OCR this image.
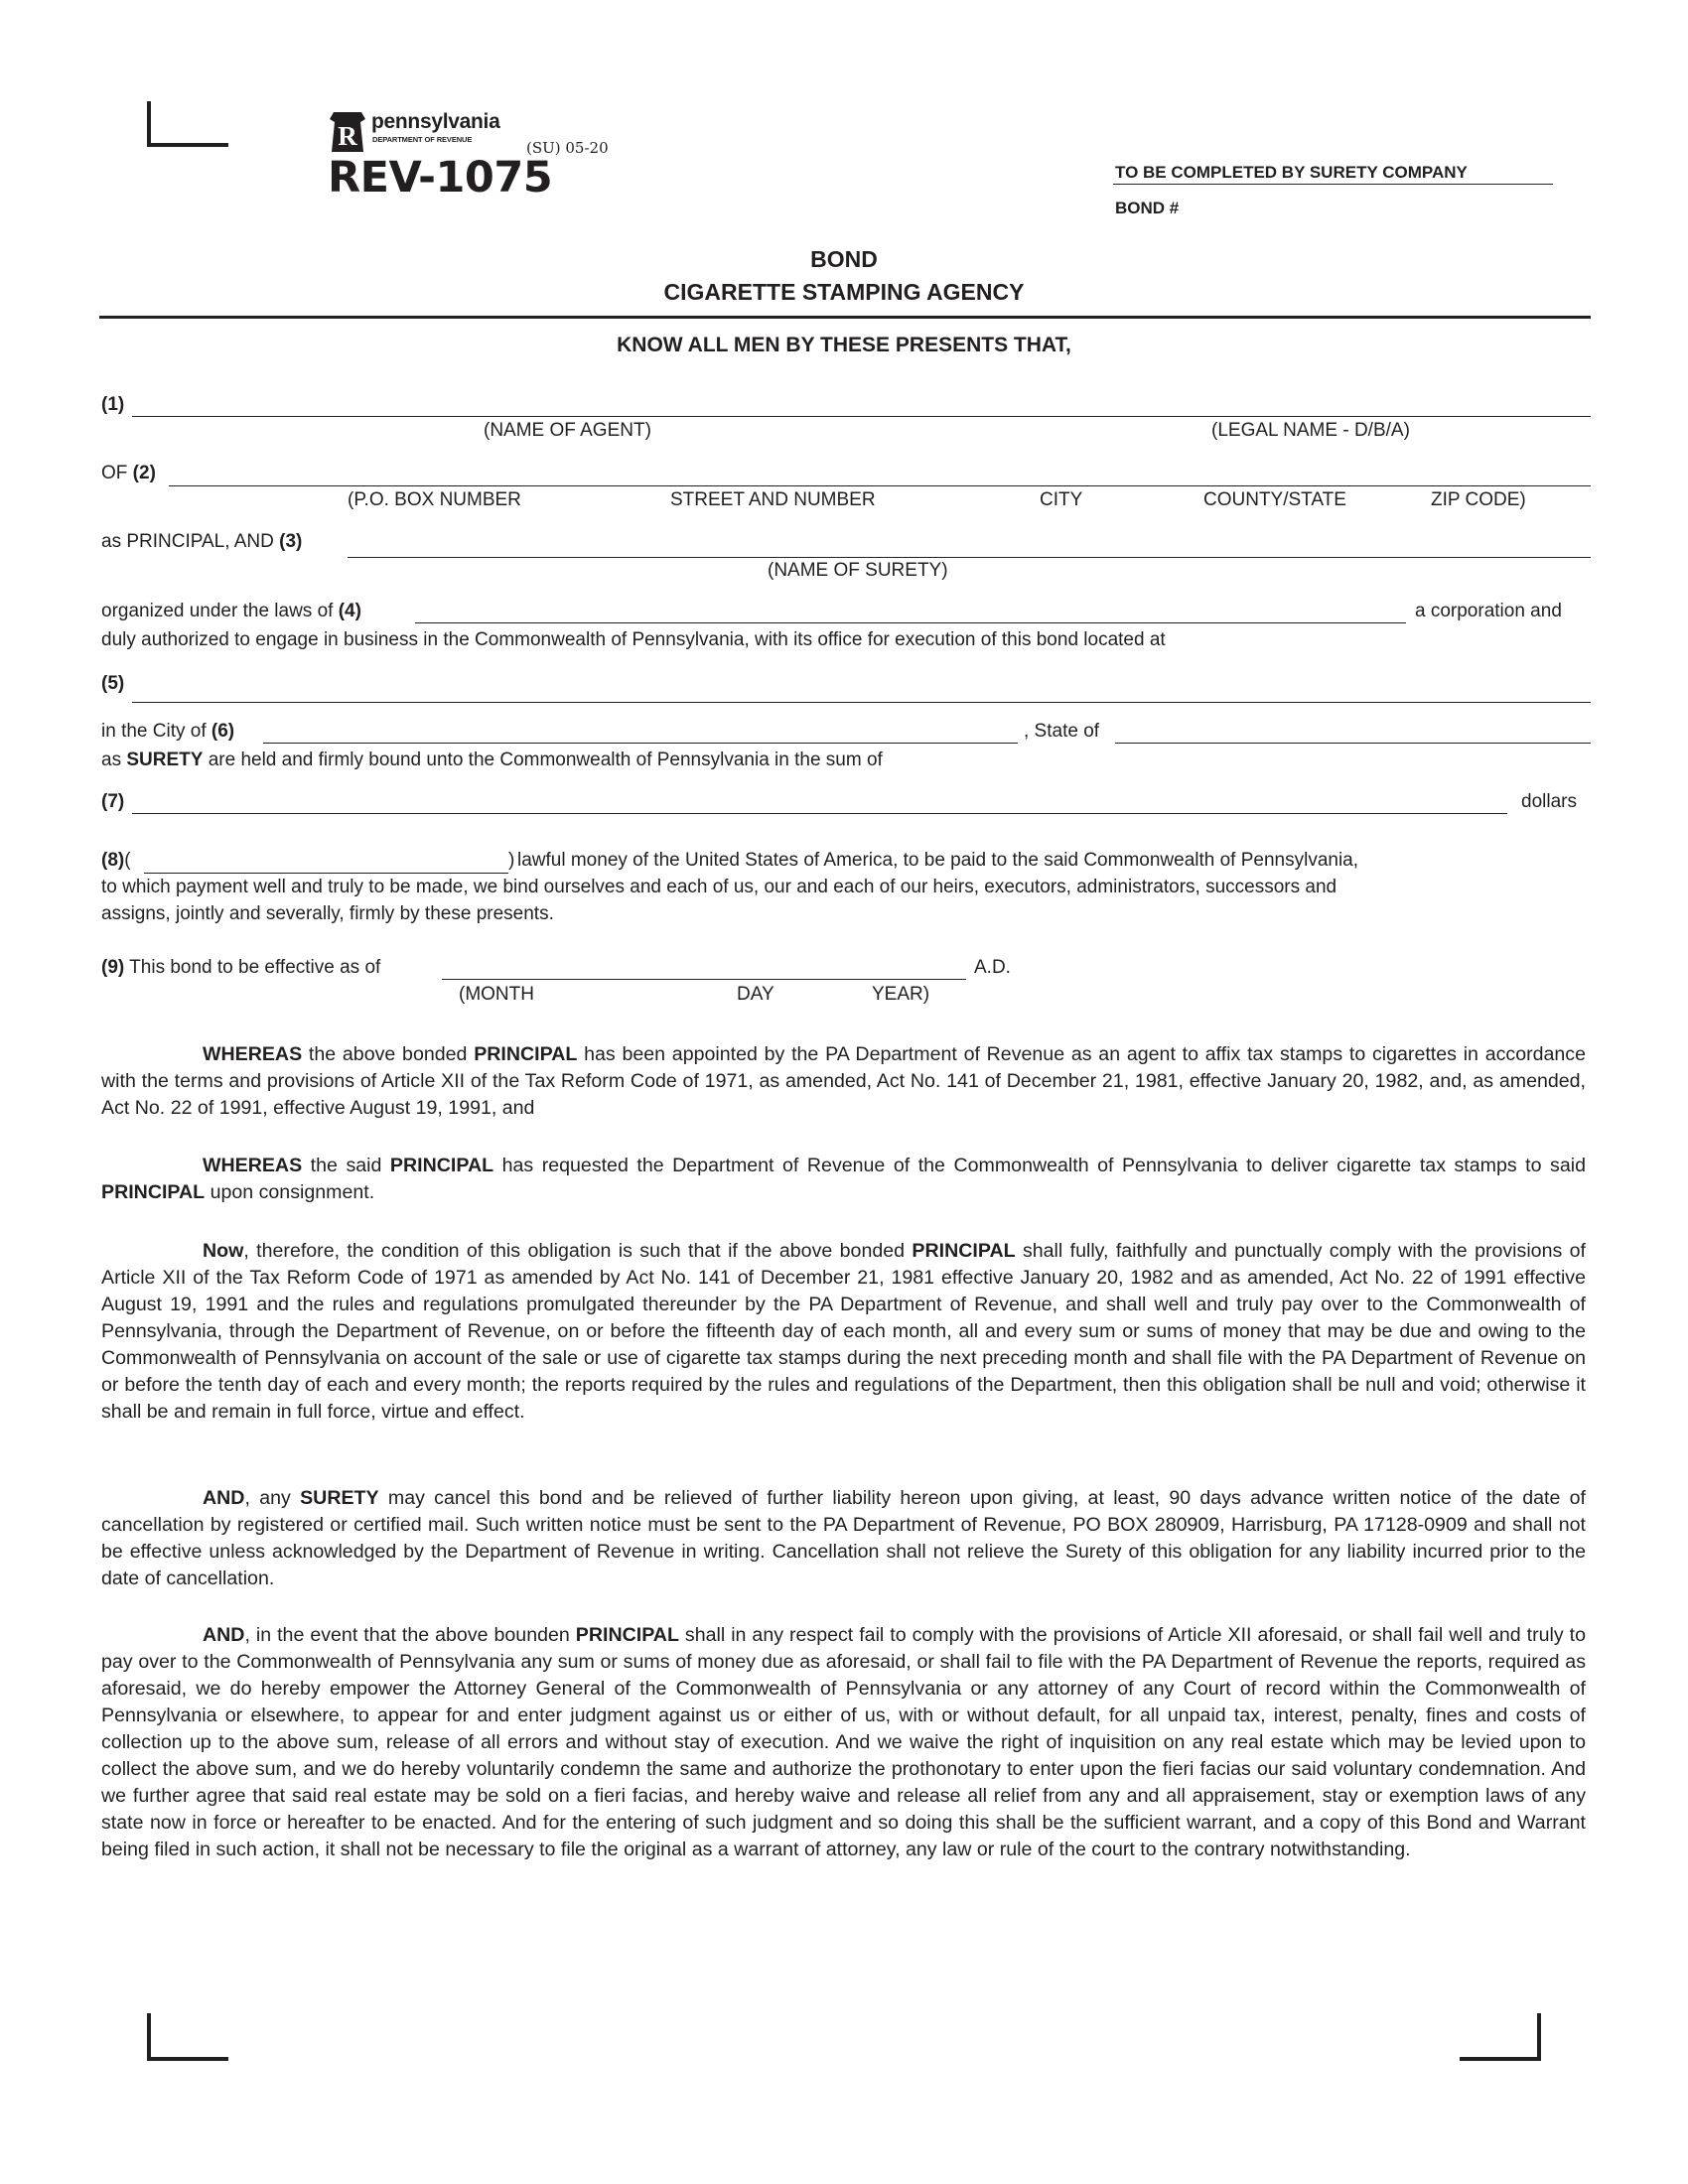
R pennsylvania
DEPARTMENT OF REVENUE	(SU) 05-20
REV-1075	TO BE COMPLETED BY SURETY COMPANY
BOND #
BOND
CIGARETTE STAMPING AGENCY
KNOW ALL MEN BY THESE PRESENTS THAT,
(1)
(NAME OF AGENT)	(LEGAL NAME - D/B/A)
OF (2)
(P.O. BOX NUMBER	STREET AND NUMBER	CITY	COUNTY/STATE	ZIP CODE)
as PRINCIPAL, AND (3)
(NAME OF SURETY)
organized under the laws of (4)	a corporation and
duly authorized to engage in business in the Commonwealth of Pennsylvania, with its office for execution of this bond located at
(5)
in the City of (6)	, State of
as SURETY are held and firmly bound unto the Commonwealth of Pennsylvania in the sum of
(7)	dollars
(8)(	) lawful money of the United States of America, to be paid to the said Commonwealth of Pennsylvania,
to which payment well and truly to be made, we bind ourselves and each of us, our and each of our heirs, executors, administrators, successors and
assigns, jointly and severally, firmly by these presents.
(9) This bond to be effective as of	A.D.
(MONTH	DAY	YEAR)

WHEREAS the above bonded PRINCIPAL has been appointed by the PA Department of Revenue as an agent to affix tax stamps to cigarettes in accordance with the terms and provisions of Article XII of the Tax Reform Code of 1971, as amended, Act No. 141 of December 21, 1981, effective January 20, 1982, and, as amended, Act No. 22 of 1991, effective August 19, 1991, and

WHEREAS the said PRINCIPAL has requested the Department of Revenue of the Commonwealth of Pennsylvania to deliver cigarette tax stamps to said PRINCIPAL upon consignment.

Now, therefore, the condition of this obligation is such that if the above bonded PRINCIPAL shall fully, faithfully and punctually comply with the provisions of Article XII of the Tax Reform Code of 1971 as amended by Act No. 141 of December 21, 1981 effective January 20, 1982 and as amended, Act No. 22 of 1991 effective August 19, 1991 and the rules and regulations promulgated thereunder by the PA Department of Revenue, and shall well and truly pay over to the Commonwealth of Pennsylvania, through the Department of Revenue, on or before the fifteenth day of each month, all and every sum or sums of money that may be due and owing to the Commonwealth of Pennsylvania on account of the sale or use of cigarette tax stamps during the next preceding month and shall file with the PA Department of Revenue on or before the tenth day of each and every month; the reports required by the rules and regulations of the Department, then this obligation shall be null and void; otherwise it shall be and remain in full force, virtue and effect.

AND, any SURETY may cancel this bond and be relieved of further liability hereon upon giving, at least, 90 days advance written notice of the date of cancellation by registered or certified mail. Such written notice must be sent to the PA Department of Revenue, PO BOX 280909, Harrisburg, PA 17128-0909 and shall not be effective unless acknowledged by the Department of Revenue in writing. Cancellation shall not relieve the Surety of this obligation for any liability incurred prior to the date of cancellation.

AND, in the event that the above bounden PRINCIPAL shall in any respect fail to comply with the provisions of Article XII aforesaid, or shall fail well and truly to pay over to the Commonwealth of Pennsylvania any sum or sums of money due as aforesaid, or shall fail to file with the PA Department of Revenue the reports, required as aforesaid, we do hereby empower the Attorney General of the Commonwealth of Pennsylvania or any attorney of any Court of record within the Commonwealth of Pennsylvania or elsewhere, to appear for and enter judgment against us or either of us, with or without default, for all unpaid tax, interest, penalty, fines and costs of collection up to the above sum, release of all errors and without stay of execution. And we waive the right of inquisition on any real estate which may be levied upon to collect the above sum, and we do hereby voluntarily condemn the same and authorize the prothonotary to enter upon the fieri facias our said voluntary condemnation. And we further agree that said real estate may be sold on a fieri facias, and hereby waive and release all relief from any and all appraisement, stay or exemption laws of any state now in force or hereafter to be enacted. And for the entering of such judgment and so doing this shall be the sufficient warrant, and a copy of this Bond and Warrant being filed in such action, it shall not be necessary to file the original as a warrant of attorney, any law or rule of the court to the contrary notwithstanding.
